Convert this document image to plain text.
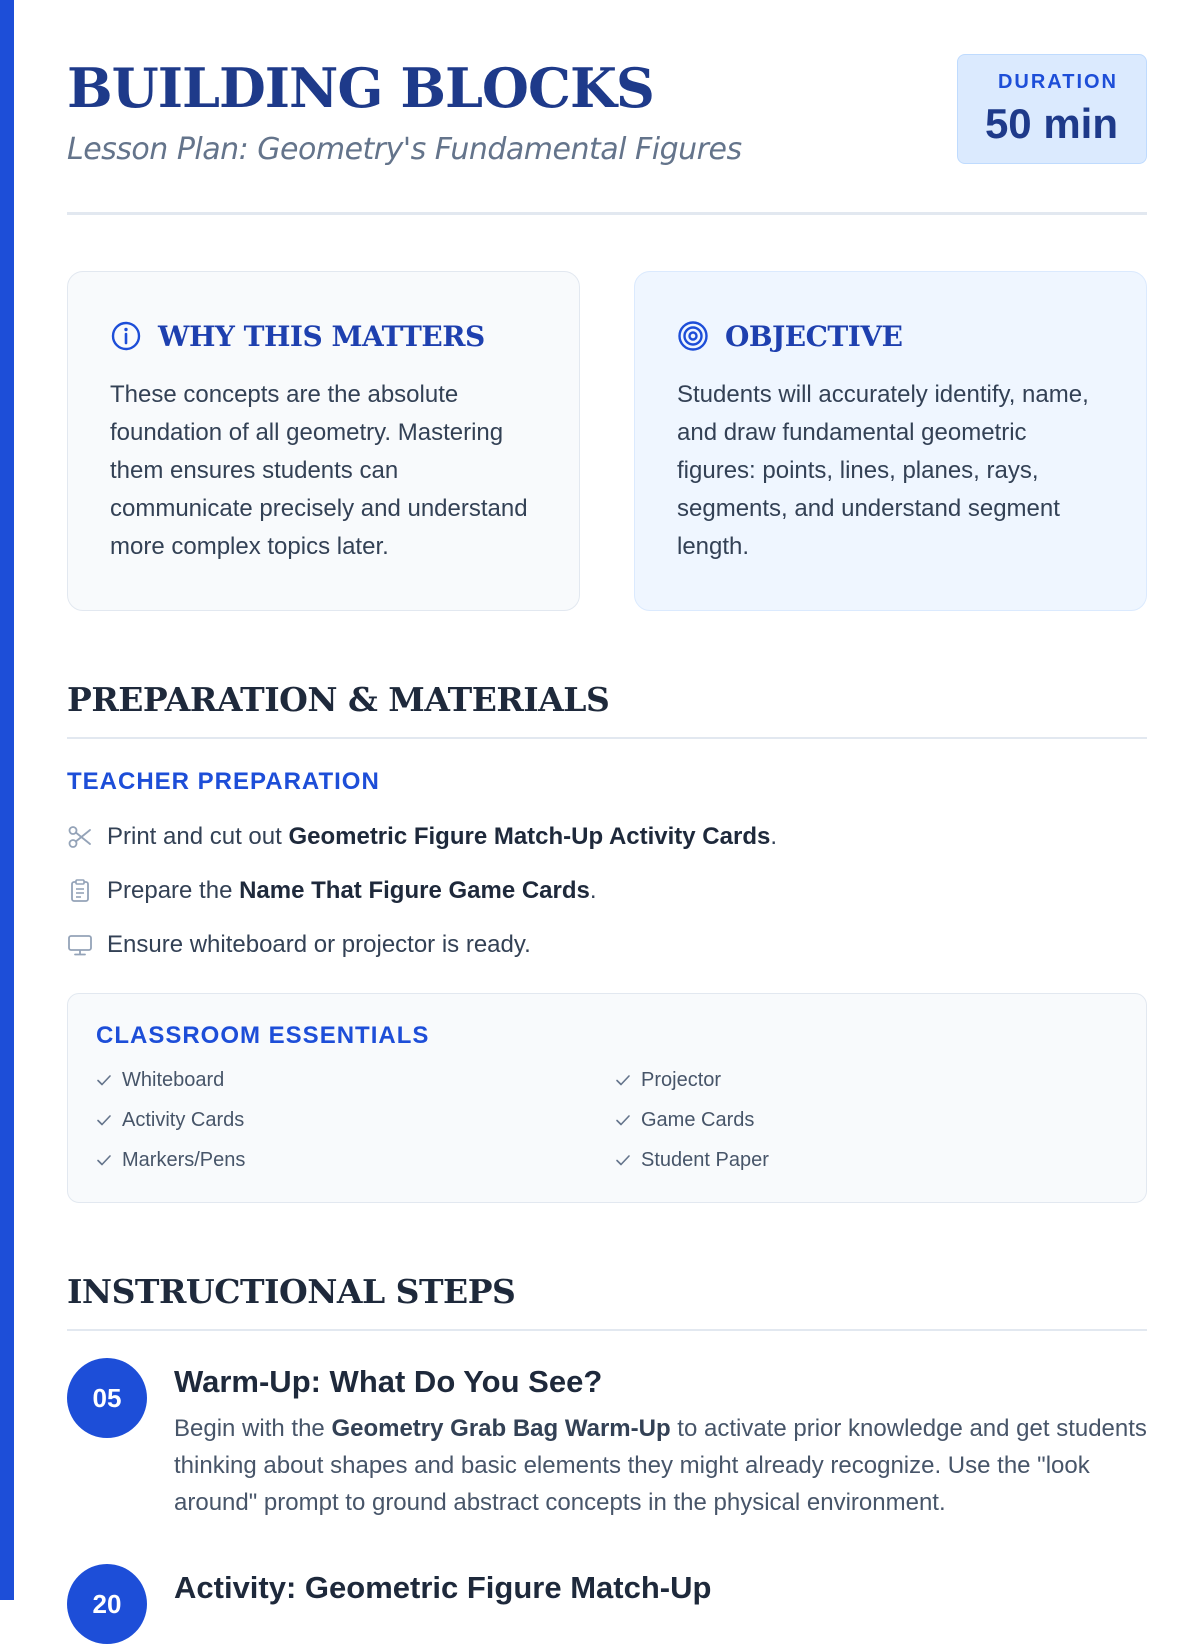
BUILDING BLOCKS
Lesson Plan: Geometry's Fundamental Figures
DURATION
50 min
WHY THIS MATTERS

These concepts are the absolute foundation of all geometry. Mastering them ensures students can communicate precisely and understand more complex topics later.

OBJECTIVE

Students will accurately identify, name, and draw fundamental geometric figures: points, lines, planes, rays, segments, and understand segment length.

PREPARATION & MATERIALS
TEACHER PREPARATION
Print and cut out Geometric Figure Match-Up Activity Cards.
Prepare the Name That Figure Game Cards.
Ensure whiteboard or projector is ready.
CLASSROOM ESSENTIALS
Whiteboard	Projector
Activity Cards	Game Cards
Markers/Pens	Student Paper
INSTRUCTIONAL STEPS
05	Warm-Up: What Do You See?

Begin with the Geometry Grab Bag Warm-Up to activate prior knowledge and get students thinking about shapes and basic elements they might already recognize. Use the "look around" prompt to ground abstract concepts in the physical environment.

20	Activity: Geometric Figure Match-Up
